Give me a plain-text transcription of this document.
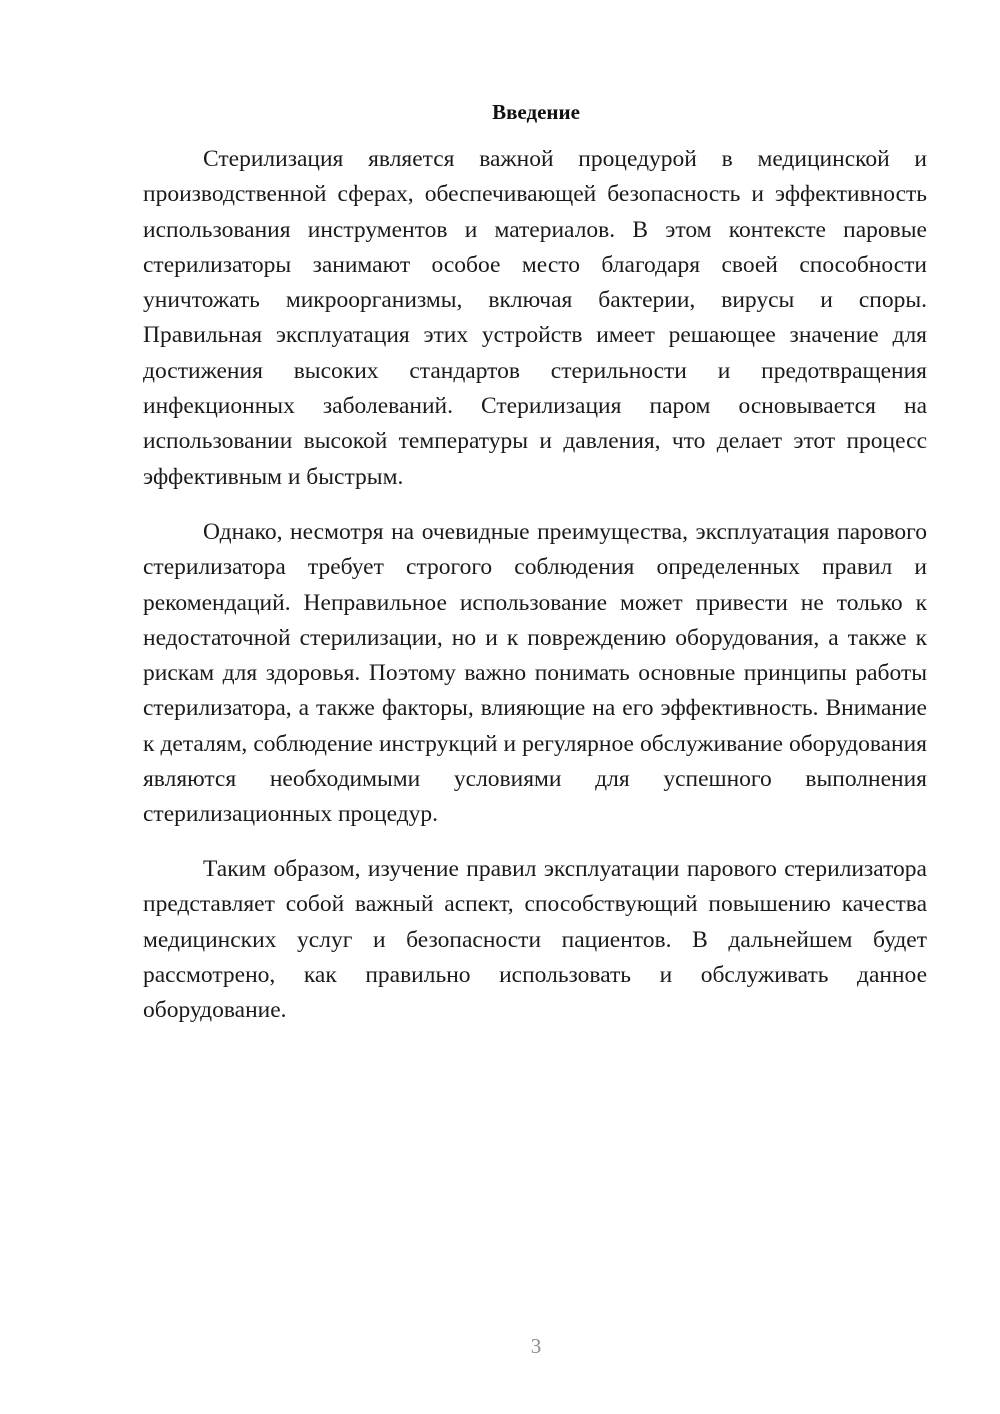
Введение

Стерилизация является важной процедурой в медицинской и производственной сферах, обеспечивающей безопасность и эффективность использования инструментов и материалов. В этом контексте паровые стерилизаторы занимают особое место благодаря своей способности уничтожать микроорганизмы, включая бактерии, вирусы и споры. Правильная эксплуатация этих устройств имеет решающее значение для достижения высоких стандартов стерильности и предотвращения инфекционных заболеваний. Стерилизация паром основывается на использовании высокой температуры и давления, что делает этот процесс эффективным и быстрым.

Однако, несмотря на очевидные преимущества, эксплуатация парового стерилизатора требует строгого соблюдения определенных правил и рекомендаций. Неправильное использование может привести не только к недостаточной стерилизации, но и к повреждению оборудования, а также к рискам для здоровья. Поэтому важно понимать основные принципы работы стерилизатора, а также факторы, влияющие на его эффективность. Внимание к деталям, соблюдение инструкций и регулярное обслуживание оборудования являются необходимыми условиями для успешного выполнения стерилизационных процедур.

Таким образом, изучение правил эксплуатации парового стерилизатора представляет собой важный аспект, способствующий повышению качества медицинских услуг и безопасности пациентов. В дальнейшем будет рассмотрено, как правильно использовать и обслуживать данное оборудование.

3
